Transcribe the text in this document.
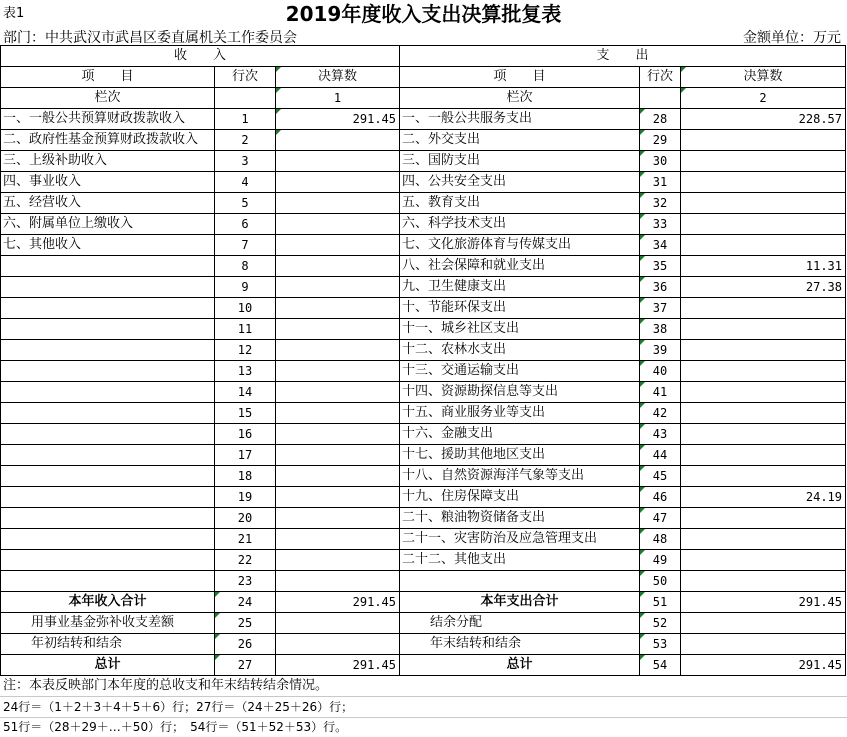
表1	2019年度收入支出决算批复表
部门：中共武汉市武昌区委直属机关工作委员会	金额单位：万元
收　　入			支　　出		
项　　目	行次	决算数	项　　目	行次	决算数
栏次		1	栏次		2
一、一般公共预算财政拨款收入	1	291.45	一、一般公共服务支出	28	228.57
二、政府性基金预算财政拨款收入	2		二、外交支出	29	
三、上级补助收入	3		三、国防支出	30	
四、事业收入	4		四、公共安全支出	31	
五、经营收入	5		五、教育支出	32	
六、附属单位上缴收入	6		六、科学技术支出	33	
七、其他收入	7		七、文化旅游体育与传媒支出	34	
	8		八、社会保障和就业支出	35	11.31
	9		九、卫生健康支出	36	27.38
	10		十、节能环保支出	37	
	11		十一、城乡社区支出	38	
	12		十二、农林水支出	39	
	13		十三、交通运输支出	40	
	14		十四、资源勘探信息等支出	41	
	15		十五、商业服务业等支出	42	
	16		十六、金融支出	43	
	17		十七、援助其他地区支出	44	
	18		十八、自然资源海洋气象等支出	45	
	19		十九、住房保障支出	46	24.19
	20		二十、粮油物资储备支出	47	
	21		二十一、灾害防治及应急管理支出	48	
	22		二十二、其他支出	49	
	23			50	
本年收入合计	24	291.45	本年支出合计	51	291.45
用事业基金弥补收支差额	25		结余分配	52	
年初结转和结余	26		年末结转和结余	53	
总计	27	291.45	总计	54	291.45
注：本表反映部门本年度的总收支和年末结转结余情况。
24行＝（1＋2＋3＋4＋5＋6）行；27行＝（24＋25＋26）行；
51行＝（28＋29＋…＋50）行；　54行＝（51＋52＋53）行。
